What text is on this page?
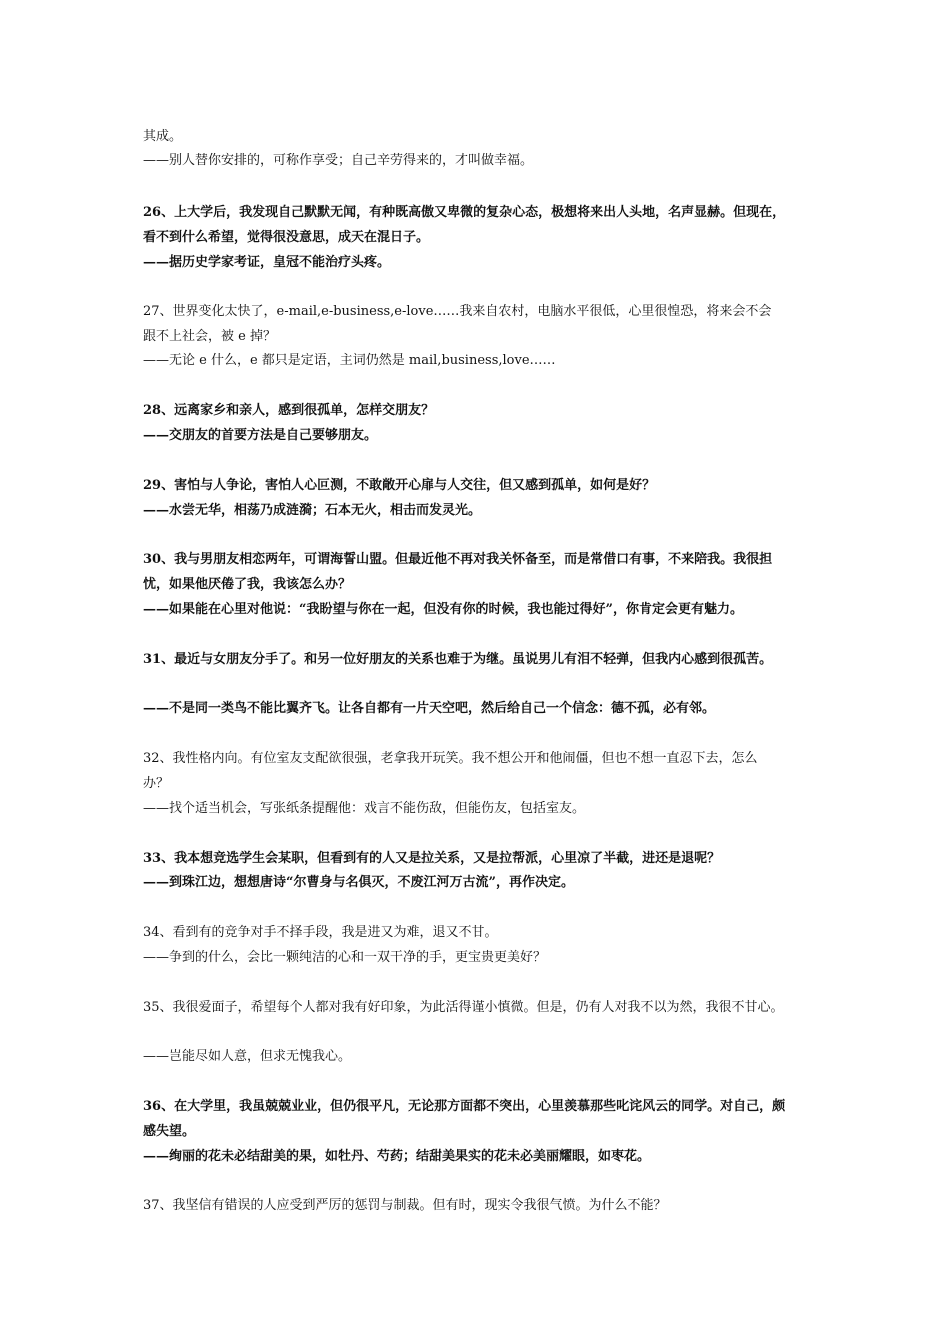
其成。
——别人替你安排的，可称作享受；自己辛劳得来的，才叫做幸福。
26、上大学后，我发现自己默默无闻，有种既高傲又卑微的复杂心态，极想将来出人头地，名声显赫。但现在，
看不到什么希望，觉得很没意思，成天在混日子。
——据历史学家考证，皇冠不能治疗头疼。
27、世界变化太快了，e-mail,e-business,e-love……我来自农村，电脑水平很低，心里很惶恐，将来会不会
跟不上社会，被 e 掉？
——无论 e 什么，e 都只是定语，主词仍然是 mail,business,love……
28、远离家乡和亲人，感到很孤单，怎样交朋友？
——交朋友的首要方法是自己要够朋友。
29、害怕与人争论，害怕人心叵测，不敢敞开心扉与人交往，但又感到孤单，如何是好？
——水尝无华，相荡乃成涟漪；石本无火，相击而发灵光。
30、我与男朋友相恋两年，可谓海誓山盟。但最近他不再对我关怀备至，而是常借口有事，不来陪我。我很担
忧，如果他厌倦了我，我该怎么办？
——如果能在心里对他说：“我盼望与你在一起，但没有你的时候，我也能过得好”，你肯定会更有魅力。
31、最近与女朋友分手了。和另一位好朋友的关系也难于为继。虽说男儿有泪不轻弹，但我内心感到很孤苦。
——不是同一类鸟不能比翼齐飞。让各自都有一片天空吧，然后给自己一个信念：德不孤，必有邻。
32、我性格内向。有位室友支配欲很强，老拿我开玩笑。我不想公开和他闹僵，但也不想一直忍下去，怎么
办？
——找个适当机会，写张纸条提醒他：戏言不能伤敌，但能伤友，包括室友。
33、我本想竞选学生会某职，但看到有的人又是拉关系，又是拉帮派，心里凉了半截，进还是退呢？
——到珠江边，想想唐诗“尔曹身与名俱灭，不废江河万古流”，再作决定。
34、看到有的竞争对手不择手段，我是进又为难，退又不甘。
——争到的什么，会比一颗纯洁的心和一双干净的手，更宝贵更美好？
35、我很爱面子，希望每个人都对我有好印象，为此活得谨小慎微。但是，仍有人对我不以为然，我很不甘心。
——岂能尽如人意，但求无愧我心。
36、在大学里，我虽兢兢业业，但仍很平凡，无论那方面都不突出，心里羡慕那些叱诧风云的同学。对自己，颇
感失望。
——绚丽的花未必结甜美的果，如牡丹、芍药；结甜美果实的花未必美丽耀眼，如枣花。
37、我坚信有错误的人应受到严厉的惩罚与制裁。但有时，现实令我很气愤。为什么不能？
